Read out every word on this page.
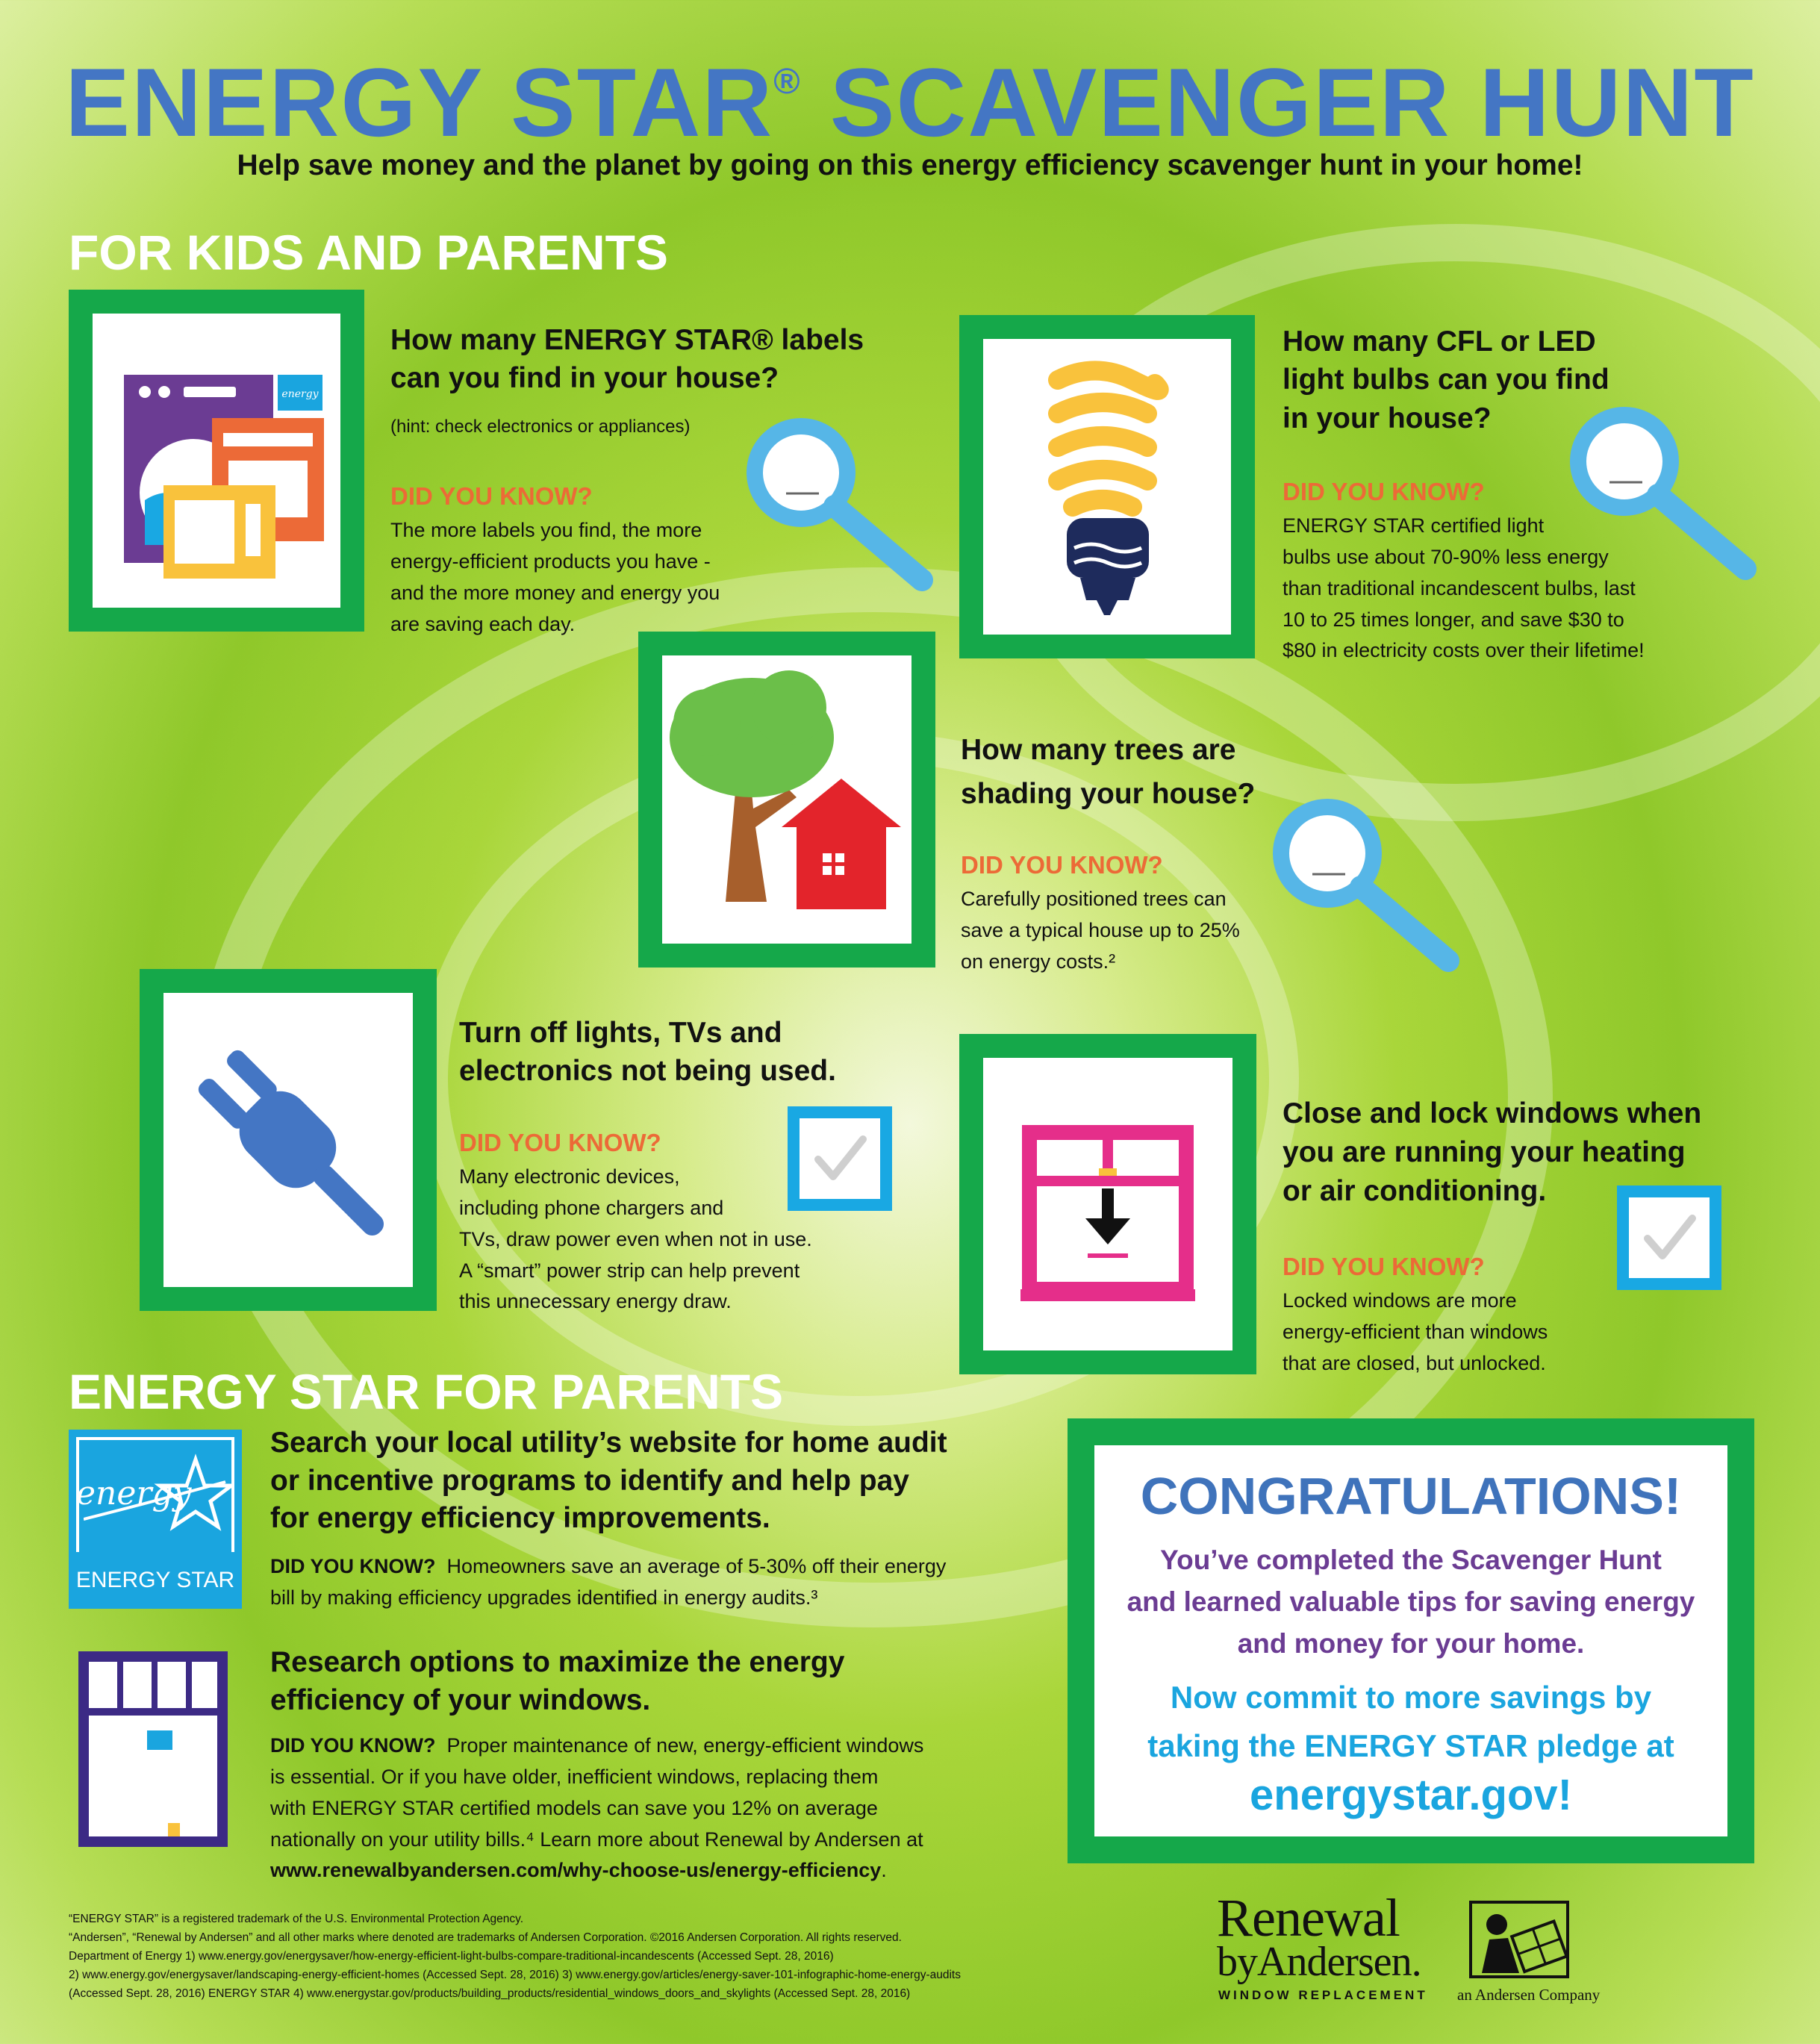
ENERGY STAR® SCAVENGER HUNT
Help save money and the planet by going on this energy efficiency scavenger hunt in your home!
FOR KIDS AND PARENTS
energy
How many ENERGY STAR® labels
can you find in your house?
(hint: check electronics or appliances)
DID YOU KNOW?
The more labels you find, the more
energy-efficient products you have -
and the more money and energy you
are saving each day.
How many CFL or LED
light bulbs can you find
in your house?
DID YOU KNOW?
ENERGY STAR certified light
bulbs use about 70-90% less energy
than traditional incandescent bulbs, last
10 to 25 times longer, and save $30 to
$80 in electricity costs over their lifetime!
How many trees are
shading your house?
DID YOU KNOW?
Carefully positioned trees can
save a typical house up to 25%
on energy costs.²
Turn off lights, TVs and
electronics not being used.
DID YOU KNOW?
Many electronic devices,
including phone chargers and
TVs, draw power even when not in use.
A “smart” power strip can help prevent
this unnecessary energy draw.
Close and lock windows when
you are running your heating
or air conditioning.
DID YOU KNOW?
Locked windows are more
energy-efficient than windows
that are closed, but unlocked.
ENERGY STAR FOR PARENTS
energy
ENERGY STAR
Search your local utility’s website for home audit
or incentive programs to identify and help pay
for energy efficiency improvements.
DID YOU KNOW? Homeowners save an average of 5-30% off their energy
bill by making efficiency upgrades identified in energy audits.³
Research options to maximize the energy
efficiency of your windows.
DID YOU KNOW? Proper maintenance of new, energy-efficient windows
is essential. Or if you have older, inefficient windows, replacing them
with ENERGY STAR certified models can save you 12% on average
nationally on your utility bills.⁴ Learn more about Renewal by Andersen at
www.renewalbyandersen.com/why-choose-us/energy-efficiency.
CONGRATULATIONS!
You’ve completed the Scavenger Hunt
and learned valuable tips for saving energy
and money for your home.
Now commit to more savings by
taking the ENERGY STAR pledge at
energystar.gov!
“ENERGY STAR” is a registered trademark of the U.S. Environmental Protection Agency.
“Andersen”, “Renewal by Andersen” and all other marks where denoted are trademarks of Andersen Corporation. ©2016 Andersen Corporation. All rights reserved.
Department of Energy 1) www.energy.gov/energysaver/how-energy-efficient-light-bulbs-compare-traditional-incandescents (Accessed Sept. 28, 2016)
2) www.energy.gov/energysaver/landscaping-energy-efficient-homes (Accessed Sept. 28, 2016) 3) www.energy.gov/articles/energy-saver-101-infographic-home-energy-audits
(Accessed Sept. 28, 2016) ENERGY STAR 4) www.energystar.gov/products/building_products/residential_windows_doors_and_skylights (Accessed Sept. 28, 2016)
Renewal
byAndersen.
WINDOW REPLACEMENT an Andersen Company
